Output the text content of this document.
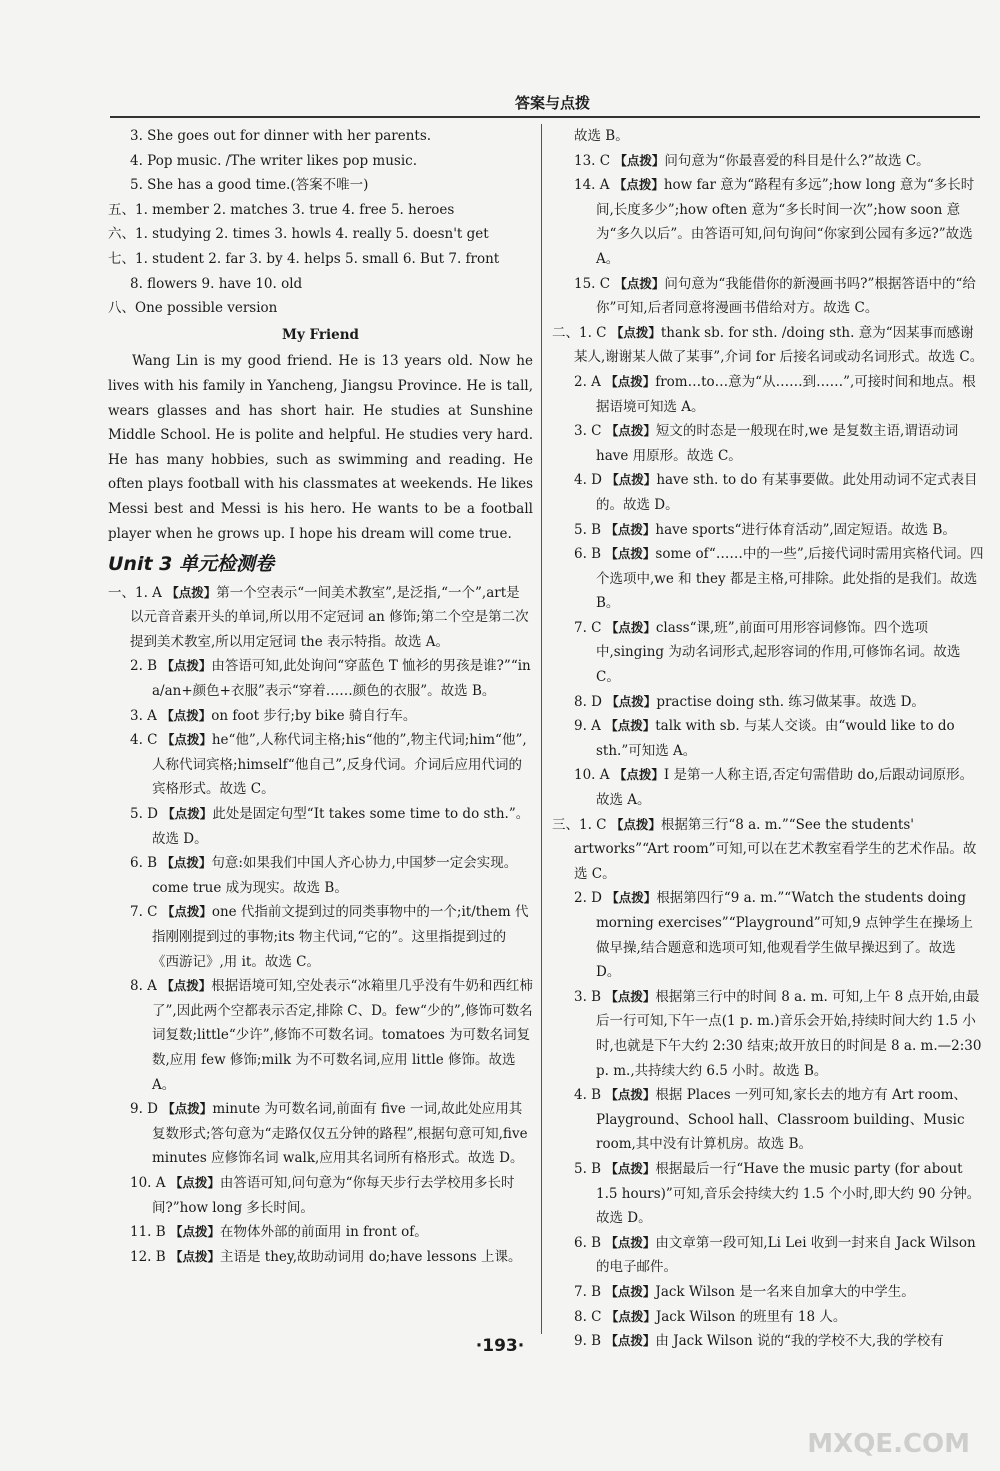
答案与点拨

3. She goes out for dinner with her parents.

4. Pop music. /The writer likes pop music.

5. She has a good time.(答案不唯一)

五、1. member 2. matches 3. true 4. free 5. heroes

六、1. studying 2. times 3. howls 4. really 5. doesn't get

七、1. student 2. far 3. by 4. helps 5. small 6. But 7. front

8. flowers 9. have 10. old

八、One possible version

My Friend

Wang Lin is my good friend. He is 13 years old. Now he lives with his family in Yancheng, Jiangsu Province. He is tall, wears glasses and has short hair. He studies at Sunshine Middle School. He is polite and helpful. He studies very hard. He has many hobbies, such as swimming and reading. He often plays football with his classmates at weekends. He likes Messi best and Messi is his hero. He wants to be a football player when he grows up. I hope his dream will come true.

Unit 3 单元检测卷

一、1. A 【点拨】第一个空表示“一间美术教室”,是泛指,“一个”,art是以元音音素开头的单词,所以用不定冠词 an 修饰;第二个空是第二次提到美术教室,所以用定冠词 the 表示特指。故选 A。

2. B 【点拨】由答语可知,此处询问“穿蓝色 T 恤衫的男孩是谁?”“in a/an+颜色+衣服”表示“穿着……颜色的衣服”。故选 B。

3. A 【点拨】on foot 步行;by bike 骑自行车。

4. C 【点拨】he“他”,人称代词主格;his“他的”,物主代词;him“他”,人称代词宾格;himself“他自己”,反身代词。介词后应用代词的宾格形式。故选 C。

5. D 【点拨】此处是固定句型“It takes some time to do sth.”。故选 D。

6. B 【点拨】句意:如果我们中国人齐心协力,中国梦一定会实现。come true 成为现实。故选 B。

7. C 【点拨】one 代指前文提到过的同类事物中的一个;it/them 代指刚刚提到过的事物;its 物主代词,“它的”。这里指提到过的《西游记》,用 it。故选 C。

8. A 【点拨】根据语境可知,空处表示“冰箱里几乎没有牛奶和西红柿了”,因此两个空都表示否定,排除 C、D。few“少的”,修饰可数名词复数;little“少许”,修饰不可数名词。tomatoes 为可数名词复数,应用 few 修饰;milk 为不可数名词,应用 little 修饰。故选 A。

9. D 【点拨】minute 为可数名词,前面有 five 一词,故此处应用其复数形式;答句意为“走路仅仅五分钟的路程”,根据句意可知,five minutes 应修饰名词 walk,应用其名词所有格形式。故选 D。

10. A 【点拨】由答语可知,问句意为“你每天步行去学校用多长时间?”how long 多长时间。

11. B 【点拨】在物体外部的前面用 in front of。

12. B 【点拨】主语是 they,故助动词用 do;have lessons 上课。

故选 B。

13. C 【点拨】问句意为“你最喜爱的科目是什么?”故选 C。

14. A 【点拨】how far 意为“路程有多远”;how long 意为“多长时间,长度多少”;how often 意为“多长时间一次”;how soon 意为“多久以后”。由答语可知,问句询问“你家到公园有多远?”故选 A。

15. C 【点拨】问句意为“我能借你的新漫画书吗?”根据答语中的“给你”可知,后者同意将漫画书借给对方。故选 C。

二、1. C 【点拨】thank sb. for sth. /doing sth. 意为“因某事而感谢某人,谢谢某人做了某事”,介词 for 后接名词或动名词形式。故选 C。

2. A 【点拨】from…to…意为“从……到……”,可接时间和地点。根据语境可知选 A。

3. C 【点拨】短文的时态是一般现在时,we 是复数主语,谓语动词 have 用原形。故选 C。

4. D 【点拨】have sth. to do 有某事要做。此处用动词不定式表目的。故选 D。

5. B 【点拨】have sports“进行体育活动”,固定短语。故选 B。

6. B 【点拨】some of“……中的一些”,后接代词时需用宾格代词。四个选项中,we 和 they 都是主格,可排除。此处指的是我们。故选 B。

7. C 【点拨】class“课,班”,前面可用形容词修饰。四个选项中,singing 为动名词形式,起形容词的作用,可修饰名词。故选 C。

8. D 【点拨】practise doing sth. 练习做某事。故选 D。

9. A 【点拨】talk with sb. 与某人交谈。由“would like to do sth.”可知选 A。

10. A 【点拨】I 是第一人称主语,否定句需借助 do,后跟动词原形。故选 A。

三、1. C 【点拨】根据第三行“8 a. m.”“See the students' artworks”“Art room”可知,可以在艺术教室看学生的艺术作品。故选 C。

2. D 【点拨】根据第四行“9 a. m.”“Watch the students doing morning exercises”“Playground”可知,9 点钟学生在操场上做早操,结合题意和选项可知,他观看学生做早操迟到了。故选 D。

3. B 【点拨】根据第三行中的时间 8 a. m. 可知,上午 8 点开始,由最后一行可知,下午一点(1 p. m.)音乐会开始,持续时间大约 1.5 小时,也就是下午大约 2:30 结束;故开放日的时间是 8 a. m.—2:30 p. m.,共持续大约 6.5 小时。故选 B。

4. B 【点拨】根据 Places 一列可知,家长去的地方有 Art room、Playground、School hall、Classroom building、Music room,其中没有计算机房。故选 B。

5. B 【点拨】根据最后一行“Have the music party (for about 1.5 hours)”可知,音乐会持续大约 1.5 个小时,即大约 90 分钟。故选 D。

6. B 【点拨】由文章第一段可知,Li Lei 收到一封来自 Jack Wilson 的电子邮件。

7. B 【点拨】Jack Wilson 是一名来自加拿大的中学生。

8. C 【点拨】Jack Wilson 的班里有 18 人。

9. B 【点拨】由 Jack Wilson 说的“我的学校不大,我的学校有

·193·
MXQE.COM
